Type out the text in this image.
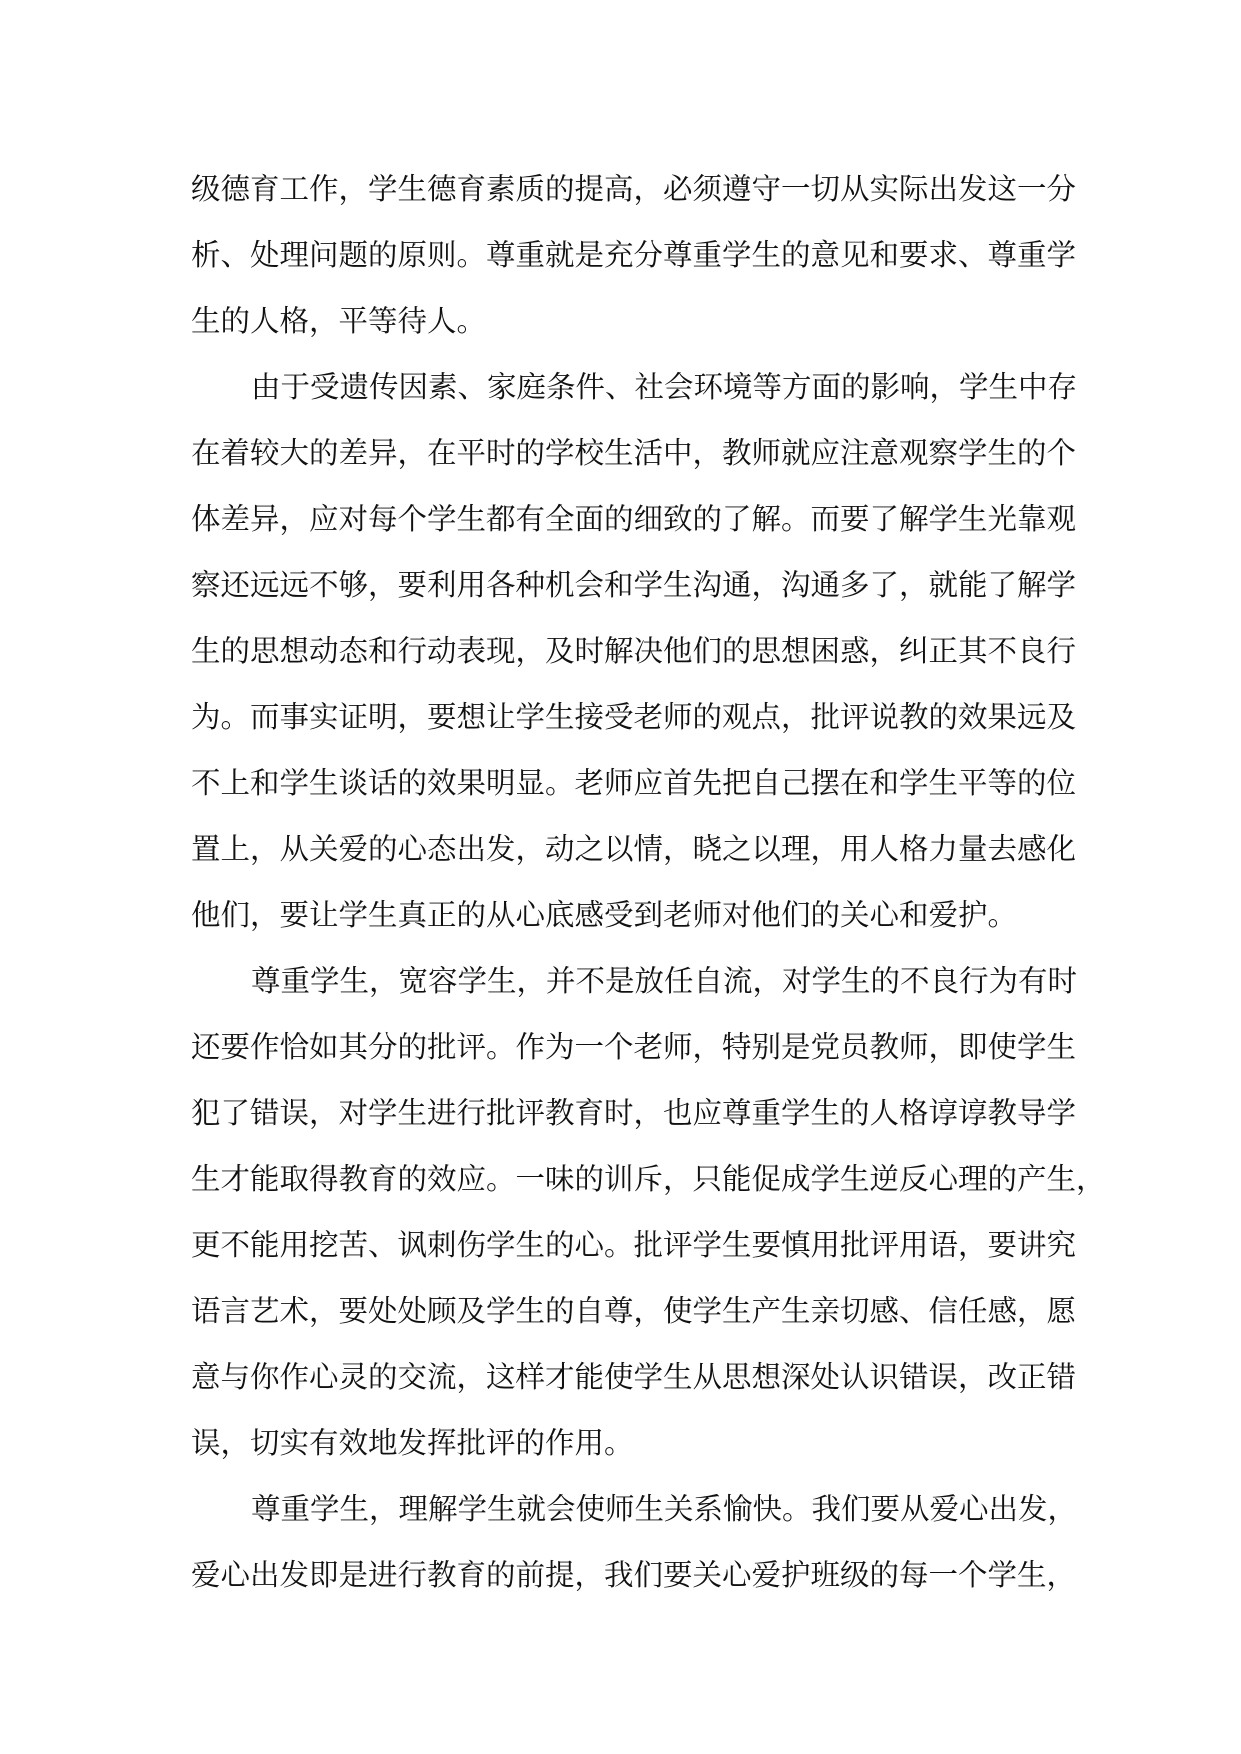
级德育工作，学生德育素质的提高，必须遵守一切从实际出发这一分
析、处理问题的原则。尊重就是充分尊重学生的意见和要求、尊重学
生的人格，平等待人。
由于受遗传因素、家庭条件、社会环境等方面的影响，学生中存
在着较大的差异，在平时的学校生活中，教师就应注意观察学生的个
体差异，应对每个学生都有全面的细致的了解。而要了解学生光靠观
察还远远不够，要利用各种机会和学生沟通，沟通多了，就能了解学
生的思想动态和行动表现，及时解决他们的思想困惑，纠正其不良行
为。而事实证明，要想让学生接受老师的观点，批评说教的效果远及
不上和学生谈话的效果明显。老师应首先把自己摆在和学生平等的位
置上，从关爱的心态出发，动之以情，晓之以理，用人格力量去感化
他们，要让学生真正的从心底感受到老师对他们的关心和爱护。
尊重学生，宽容学生，并不是放任自流，对学生的不良行为有时
还要作恰如其分的批评。作为一个老师，特别是党员教师，即使学生
犯了错误，对学生进行批评教育时，也应尊重学生的人格谆谆教导学
生才能取得教育的效应。一味的训斥，只能促成学生逆反心理的产生，
更不能用挖苦、讽刺伤学生的心。批评学生要慎用批评用语，要讲究
语言艺术，要处处顾及学生的自尊，使学生产生亲切感、信任感，愿
意与你作心灵的交流，这样才能使学生从思想深处认识错误，改正错
误，切实有效地发挥批评的作用。
尊重学生，理解学生就会使师生关系愉快。我们要从爱心出发，
爱心出发即是进行教育的前提，我们要关心爱护班级的每一个学生，
